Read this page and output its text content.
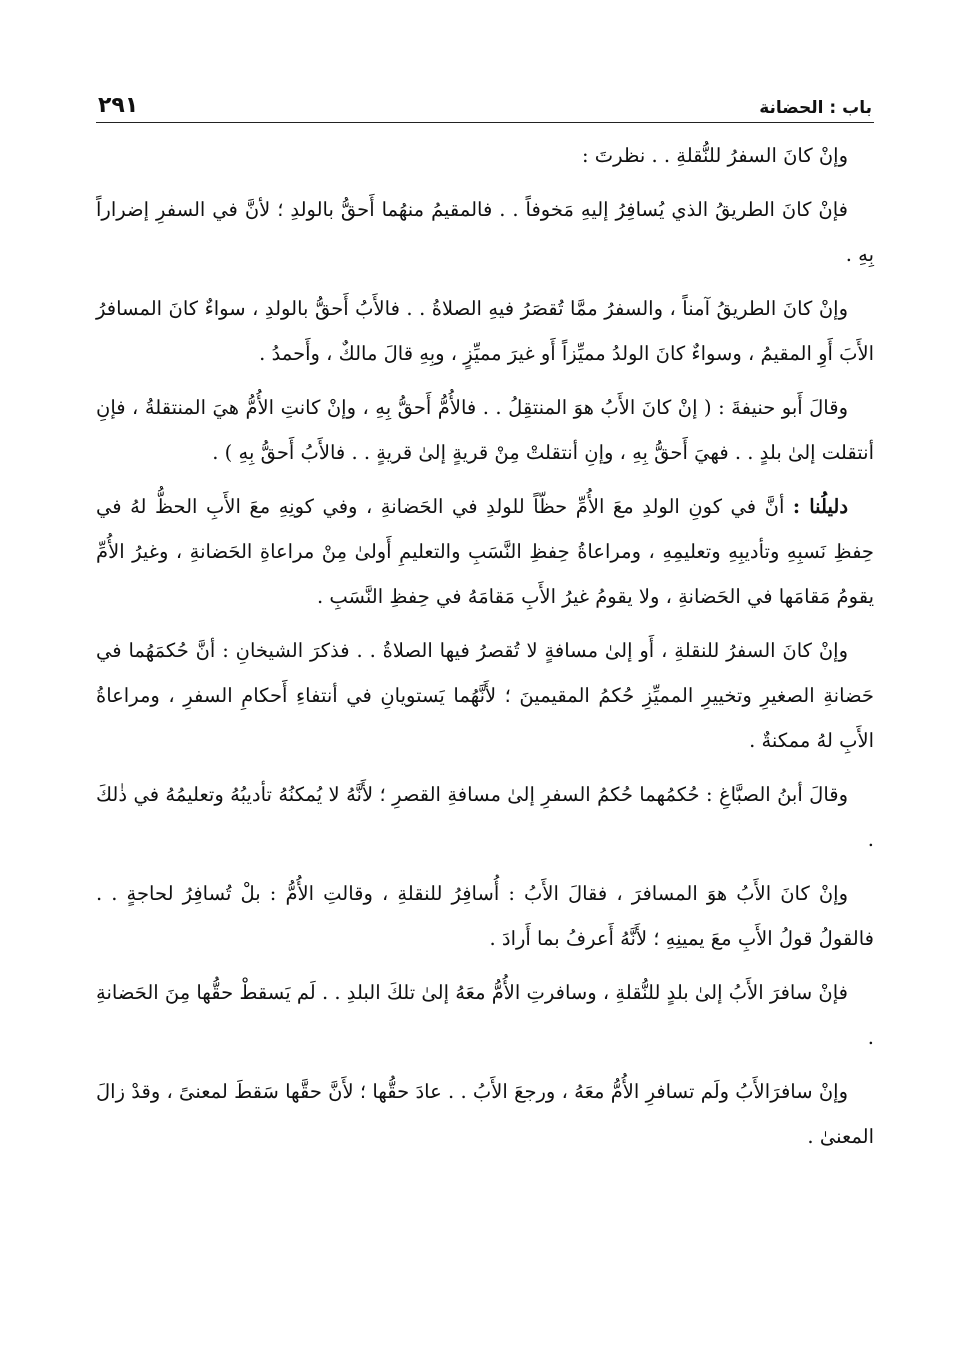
باب : الحضانة
٢٩١

وإنْ كانَ السفرُ للنُّقلةِ . . نظرتَ :

فإنْ كانَ الطريقُ الذي يُسافِرُ إليهِ مَخوفاً . . فالمقيمُ منهُما أَحقُّ بالولدِ ؛ لأنَّ في السفرِ إضراراً بِهِ .

وإنْ كانَ الطريقُ آمناً ، والسفرُ ممَّا تُقصَرُ فيهِ الصلاةُ . . فالأَبُ أَحقُّ بالولدِ ، سواءٌ كانَ المسافرُ الأَبَ أَوِ المقيمُ ، وسواءٌ كانَ الولدُ مميِّزاً أَو غيرَ مميِّزٍ ، وبِهِ قالَ مالكٌ ، وأَحمدُ .

وقالَ أَبو حنيفةَ : ( إنْ كانَ الأَبُ هوَ المنتقِلُ . . فالأُمُّ أَحقُّ بِهِ ، وإنْ كانتِ الأُمُّ هيَ المنتقلةُ ، فإنِ أنتقلت إلىٰ بلدٍ . . فهيَ أَحقُّ بِهِ ، وإنِ أنتقلتْ مِنْ قريةٍ إلىٰ قريةٍ . . فالأَبُ أَحقُّ بِهِ ) .

دليلُنا : أنَّ في كونِ الولدِ معَ الأُمِّ حظّاً للولدِ في الحَضانةِ ، وفي كونِهِ معَ الأَبِ الحظُّ لهُ في حِفظِ نَسبِهِ وتأديبِهِ وتعليمِهِ ، ومراعاةُ حِفظِ النَّسَبِ والتعليمِ أَولىٰ مِنْ مراعاةِ الحَضانةِ ، وغيرُ الأُمِّ يقومُ مَقامَها في الحَضانةِ ، ولا يقومُ غيرُ الأَبِ مَقامَهُ في حِفظِ النَّسَبِ .

وإنْ كانَ السفرُ للنقلةِ ، أَو إلىٰ مسافةٍ لا تُقصرُ فيها الصلاةُ . . فذكرَ الشيخانِ : أنَّ حُكمَهُما في حَضانةِ الصغيرِ وتخييرِ المميِّزِ حُكمُ المقيمينَ ؛ لأَنَّهُما يَستويانِ في أنتفاءِ أَحكامِ السفرِ ، ومراعاةُ الأَبِ لهُ ممكنةٌ .

وقالَ أبنُ الصبَّاغِ : حُكمُهما حُكمُ السفرِ إلىٰ مسافةِ القصرِ ؛ لأَنَّهُ لا يُمكنُهُ تأديبُهُ وتعليمُهُ في ذٰلكَ .

وإنْ كانَ الأَبُ هوَ المسافرَ ، فقالَ الأَبُ : أُسافِرُ للنقلةِ ، وقالتِ الأُمُّ : بلْ تُسافِرُ لحاجةٍ . . فالقولُ قولُ الأَبِ معَ يمينِهِ ؛ لأَنَّهُ أَعرفُ بما أَرادَ .

فإنْ سافرَ الأَبُ إلىٰ بلدٍ للنُّقلةِ ، وسافرتِ الأُمُّ معَهُ إلىٰ تلكَ البلدِ . . لَم يَسقطْ حقُّها مِنَ الحَضانةِ .

وإنْ سافرَالأَبُ ولَم تسافرِ الأُمُّ معَهُ ، ورجعَ الأَبُ . . عادَ حقُّها ؛ لأَنَّ حقَّها سَقطَ لمعنىً ، وقدْ زالَ المعنىٰ .
